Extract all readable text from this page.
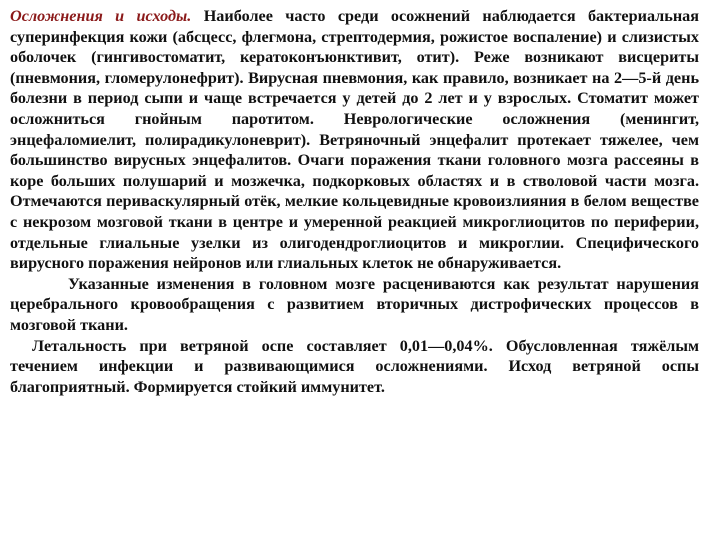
Осложнения и исходы. Наиболее часто среди осожнений наблюдается бактериальная суперинфекция кожи (абсцесс, флегмона, стрептодермия, рожистое воспаление) и слизистых оболочек (гингивостоматит, кератоконъюнктивит, отит). Реже возникают висцериты (пневмония, гломерулонефрит). Вирусная пневмония, как правило, возникает на 2—5-й день болезни в период сыпи и чаще встречается у детей до 2 лет и у взрослых. Стоматит может осложниться гнойным паротитом. Неврологические осложнения (менингит, энцефаломиелит, полирадикулоневрит). Ветряночный энцефалит протекает тяжелее, чем большинство вирусных энцефалитов. Очаги поражения ткани головного мозга рассеяны в коре больших полушарий и мозжечка, подкорковых областях и в стволовой части мозга. Отмечаются периваскулярный отёк, мелкие кольцевидные кровоизлияния в белом веществе с некрозом мозговой ткани в центре и умеренной реакцией микроглиоцитов по периферии, отдельные глиальные узелки из олигодендроглиоцитов и микроглии. Специфического вирусного поражения нейронов или глиальных клеток не обнаруживается.

Указанные изменения в головном мозге расцениваются как результат нарушения церебрального кровообращения с развитием вторичных дистрофических процессов в мозговой ткани.

Летальность при ветряной оспе составляет 0,01—0,04%. Обусловленная тяжёлым течением инфекции и развивающимися осложнениями. Исход ветряной оспы благоприятный. Формируется стойкий иммунитет.
